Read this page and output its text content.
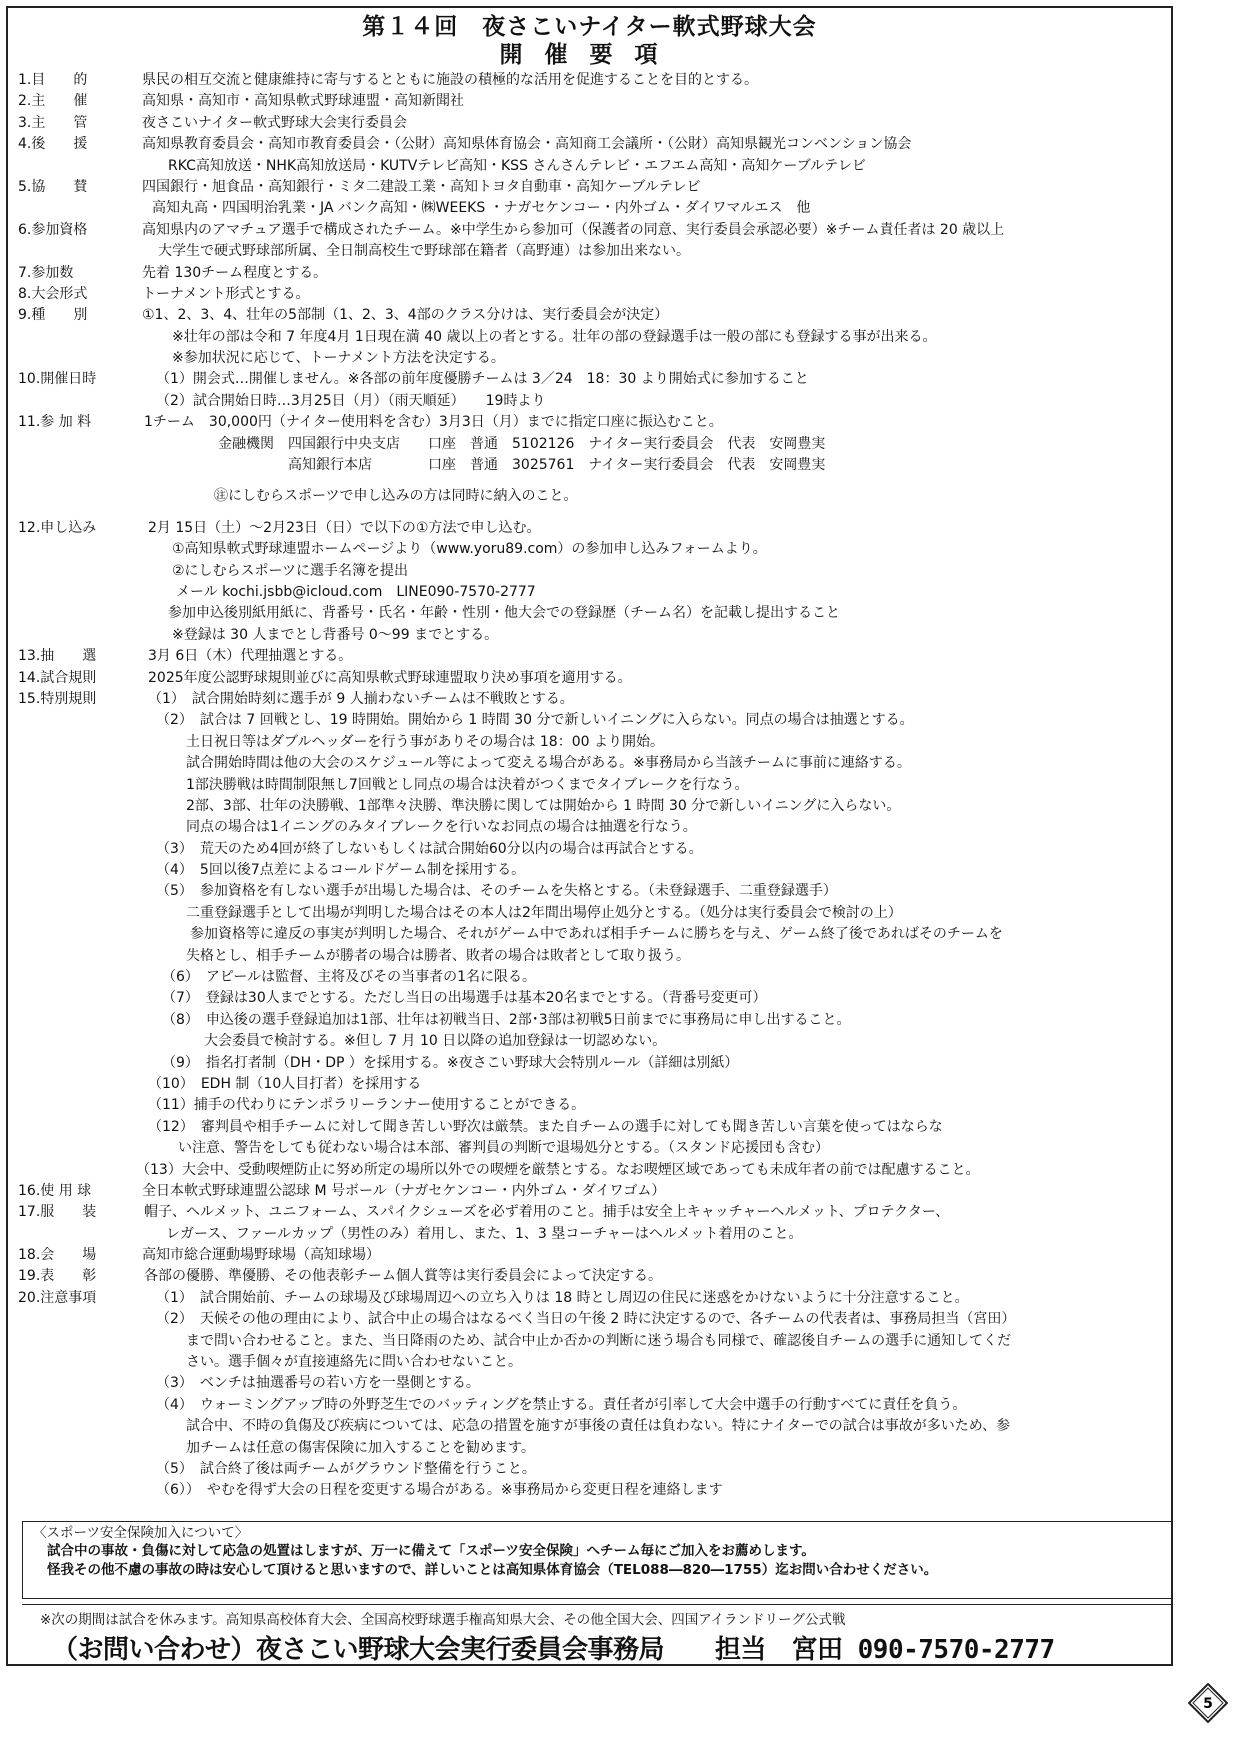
第１４回　夜さこいナイター軟式野球大会
開催要項
1.目　　的	県民の相互交流と健康維持に寄与するとともに施設の積極的な活用を促進することを目的とする。
2.主　　催	高知県・高知市・高知県軟式野球連盟・高知新聞社
3.主　　管	夜さこいナイター軟式野球大会実行委員会
4.後　　援	高知県教育委員会・高知市教育委員会・（公財）高知県体育協会・高知商工会議所・（公財）高知県観光コンベンション協会
RKC高知放送・NHK高知放送局・KUTVテレビ高知・KSS さんさんテレビ・エフエム高知・高知ケーブルテレビ
5.協　　賛	四国銀行・旭食品・高知銀行・ミタ二建設工業・高知トヨタ自動車・高知ケーブルテレビ
高知丸高・四国明治乳業・JA バンク高知・㈱WEEKS ・ナガセケンコー・内外ゴム・ダイワマルエス　他
6.参加資格	高知県内のアマチュア選手で構成されたチーム。※中学生から参加可（保護者の同意、実行委員会承認必要）※チーム責任者は 20 歳以上
大学生で硬式野球部所属、全日制高校生で野球部在籍者（高野連）は参加出来ない。
7.参加数	先着 130チーム程度とする。
8.大会形式	トーナメント形式とする。
9.種　　別	①1、2、3、4、壮年の5部制（1、2、3、4部のクラス分けは、実行委員会が決定）
※壮年の部は令和 7 年度4月 1日現在満 40 歳以上の者とする。壮年の部の登録選手は一般の部にも登録する事が出来る。
※参加状況に応じて、トーナメント方法を決定する。
10.開催日時	（1）開会式…開催しません。※各部の前年度優勝チームは 3／24　18：30 より開始式に参加すること
（2）試合開始日時…3月25日（月）（雨天順延）　　19時より
11.参 加 料	1チーム　30,000円（ナイター使用料を含む）3月3日（月）までに指定口座に振込むこと。
金融機関　四国銀行中央支店　　口座　普通　5102126　ナイター実行委員会　代表　安岡豊実
　　　　　高知銀行本店　　　　口座　普通　3025761　ナイター実行委員会　代表　安岡豊実
㊟にしむらスポーツで申し込みの方は同時に納入のこと。
12.申し込み	2月 15日（土）～2月23日（日）で以下の①方法で申し込む。
①高知県軟式野球連盟ホームページより（www.yoru89.com）の参加申し込みフォームより。
②にしむらスポーツに選手名簿を提出
メール kochi.jsbb@icloud.com　LINE090‐7570‐2777
参加申込後別紙用紙に、背番号・氏名・年齢・性別・他大会での登録歴（チーム名）を記載し提出すること
※登録は 30 人までとし背番号 0～99 までとする。
13.抽　　選	3月 6日（木）代理抽選とする。
14.試合規則	2025年度公認野球規則並びに高知県軟式野球連盟取り決め事項を適用する。
15.特別規則	（1）　試合開始時刻に選手が 9 人揃わないチームは不戦敗とする。
（2）　試合は 7 回戦とし、19 時開始。開始から 1 時間 30 分で新しいイニングに入らない。同点の場合は抽選とする。
土日祝日等はダブルヘッダーを行う事がありその場合は 18：00 より開始。
試合開始時間は他の大会のスケジュール等によって変える場合がある。※事務局から当該チームに事前に連絡する。
1部決勝戦は時間制限無し7回戦とし同点の場合は決着がつくまでタイブレークを行なう。
2部、3部、壮年の決勝戦、1部準々決勝、準決勝に関しては開始から 1 時間 30 分で新しいイニングに入らない。
同点の場合は1イニングのみタイブレークを行いなお同点の場合は抽選を行なう。
（3）　荒天のため4回が終了しないもしくは試合開始60分以内の場合は再試合とする。
（4）　5回以後7点差によるコールドゲーム制を採用する。
（5）　参加資格を有しない選手が出場した場合は、そのチームを失格とする。（未登録選手、二重登録選手）
二重登録選手として出場が判明した場合はその本人は2年間出場停止処分とする。（処分は実行委員会で検討の上）
参加資格等に違反の事実が判明した場合、それがゲーム中であれば相手チームに勝ちを与え、ゲーム終了後であればそのチームを
失格とし、相手チームが勝者の場合は勝者、敗者の場合は敗者として取り扱う。
（6）　アピールは監督、主将及びその当事者の1名に限る。
（7）　登録は30人までとする。ただし当日の出場選手は基本20名までとする。（背番号変更可）
（8）　申込後の選手登録追加は1部、壮年は初戦当日、2部･3部は初戦5日前までに事務局に申し出すること。
大会委員で検討する。※但し 7 月 10 日以降の追加登録は一切認めない。
（9）　指名打者制（DH・DP ）を採用する。※夜さこい野球大会特別ルール（詳細は別紙）
（10）　EDH 制（10人目打者）を採用する
（11）捕手の代わりにテンポラリーランナー使用することができる。
（12）　審判員や相手チームに対して聞き苦しい野次は厳禁。また自チームの選手に対しても聞き苦しい言葉を使ってはならな
い注意、警告をしても従わない場合は本部、審判員の判断で退場処分とする。（スタンド応援団も含む）
（13）大会中、受動喫煙防止に努め所定の場所以外での喫煙を厳禁とする。なお喫煙区域であっても未成年者の前では配慮すること。
16.使 用 球	全日本軟式野球連盟公認球 M 号ボール（ナガセケンコー・内外ゴム・ダイワゴム）
17.服　　装	帽子、ヘルメット、ユニフォーム、スパイクシューズを必ず着用のこと。捕手は安全上キャッチャーヘルメット、プロテクター、
レガース、ファールカップ（男性のみ）着用し、また、1、3 塁コーチャーはヘルメット着用のこと。
18.会　　場	高知市総合運動場野球場（高知球場）
19.表　　彰	各部の優勝、準優勝、その他表彰チーム個人賞等は実行委員会によって決定する。
20.注意事項	（1）　試合開始前、チームの球場及び球場周辺への立ち入りは 18 時とし周辺の住民に迷惑をかけないように十分注意すること。
（2）　天候その他の理由により、試合中止の場合はなるべく当日の午後 2 時に決定するので、各チームの代表者は、事務局担当（宮田）
まで問い合わせること。また、当日降雨のため、試合中止か否かの判断に迷う場合も同様で、確認後自チームの選手に通知してくだ
さい。選手個々が直接連絡先に問い合わせないこと。
（3）　ベンチは抽選番号の若い方を一塁側とする。
（4）　ウォーミングアップ時の外野芝生でのバッティングを禁止する。責任者が引率して大会中選手の行動すべてに責任を負う。
試合中、不時の負傷及び疾病については、応急の措置を施すが事後の責任は負わない。特にナイターでの試合は事故が多いため、参
加チームは任意の傷害保険に加入することを勧めます。
（5）　試合終了後は両チームがグラウンド整備を行うこと。
（6））　やむを得ず大会の日程を変更する場合がある。※事務局から変更日程を連絡します
〈スポーツ安全保険加入について〉
試合中の事故・負傷に対して応急の処置はしますが、万一に備えて「スポーツ安全保険」へチーム毎にご加入をお薦めします。
怪我その他不慮の事故の時は安心して頂けると思いますので、詳しいことは高知県体育協会（TEL088―820―1755）迄お問い合わせください。
※次の期間は試合を休みます。高知県高校体育大会、全国高校野球選手権高知県大会、その他全国大会、四国アイランドリーグ公式戦
（お問い合わせ）夜さこい野球大会実行委員会事務局　　担当　宮田 090‐7570‐2777
5
